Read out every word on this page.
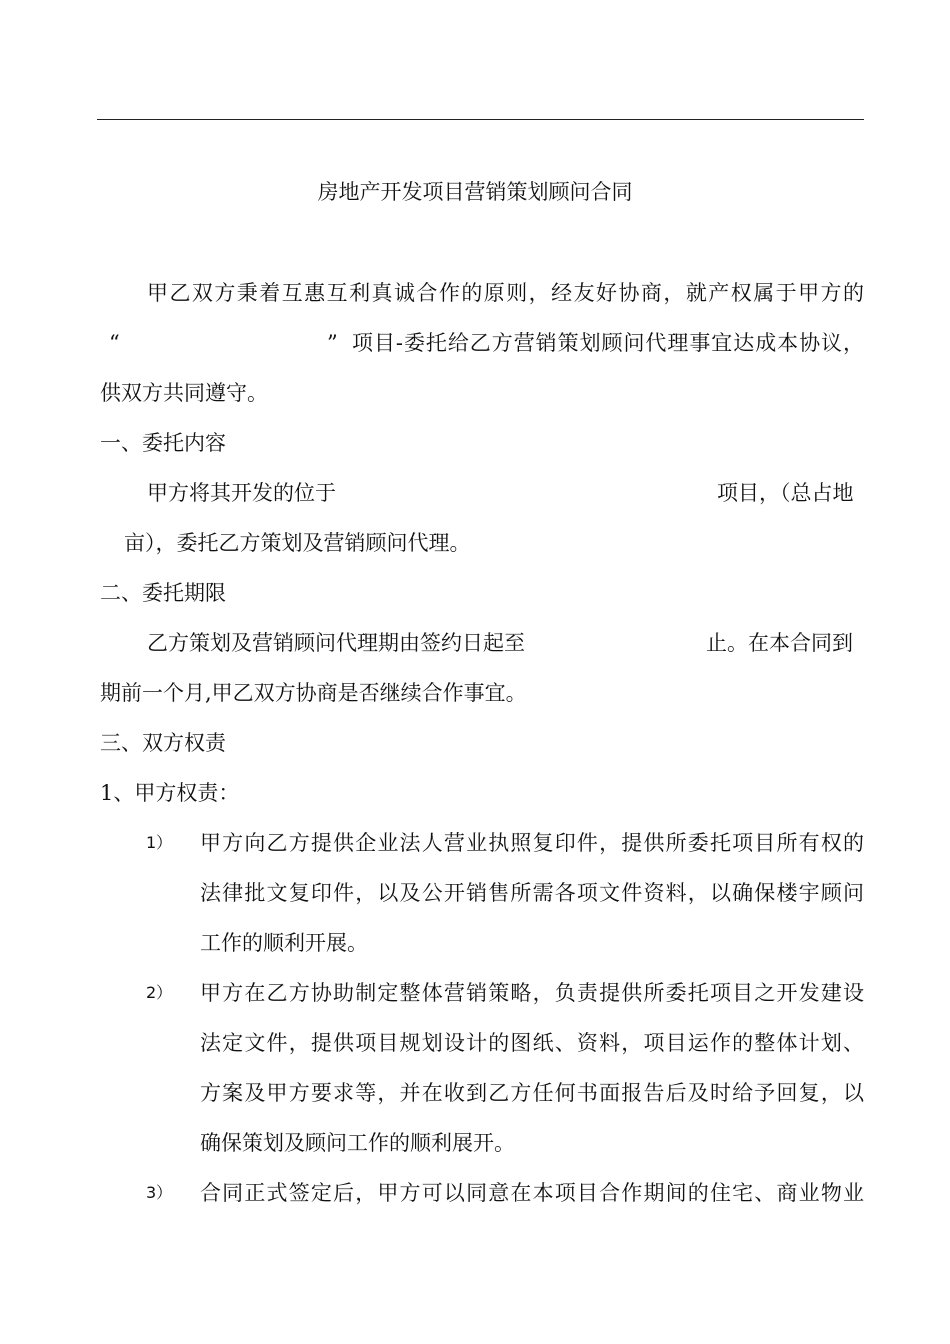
房地产开发项目营销策划顾问合同
甲乙双方秉着互惠互利真诚合作的原则，经友好协商，就产权属于甲方的
“	” 项目-委托给乙方营销策划顾问代理事宜达成本协议，
供双方共同遵守。
一、委托内容
甲方将其开发的位于	项目，（总占地
亩），委托乙方策划及营销顾问代理。
二、委托期限
乙方策划及营销顾问代理期由签约日起至	止。在本合同到
期前一个月,甲乙双方协商是否继续合作事宜。
三、双方权责
1、甲方权责：
1） 甲方向乙方提供企业法人营业执照复印件，提供所委托项目所有权的
法律批文复印件，以及公开销售所需各项文件资料，以确保楼宇顾问
工作的顺利开展。
2） 甲方在乙方协助制定整体营销策略，负责提供所委托项目之开发建设
法定文件，提供项目规划设计的图纸、资料，项目运作的整体计划、
方案及甲方要求等，并在收到乙方任何书面报告后及时给予回复，以
确保策划及顾问工作的顺利展开。
3） 合同正式签定后，甲方可以同意在本项目合作期间的住宅、商业物业
